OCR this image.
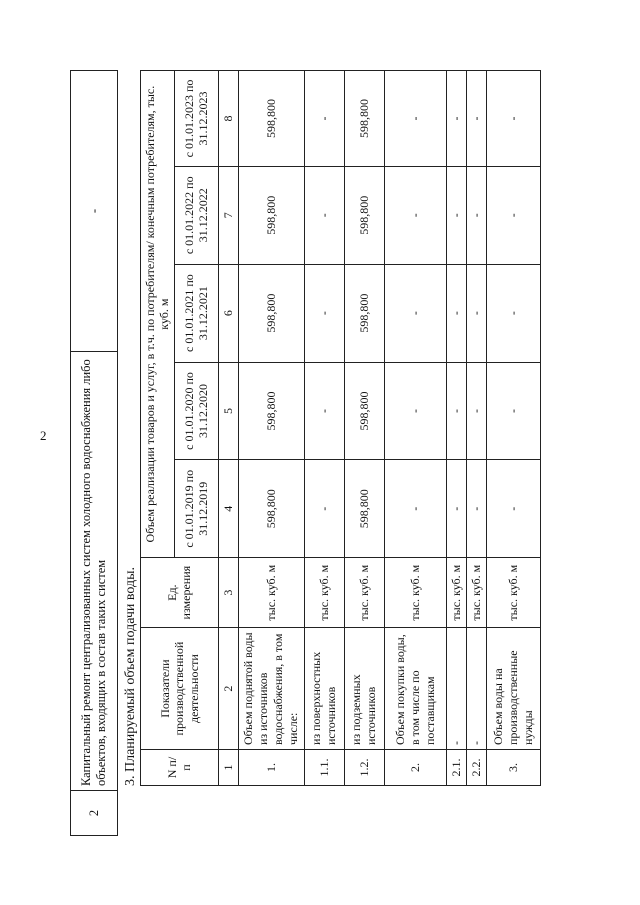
2
2	Капитальный ремонт централизованных систем холодного водоснабжения либо объектов, входящих в состав таких систем	-
3. Планируемый объем подачи воды. N п/п	Показатели производственной деятельности	Ед. измерения	Объем реализации товаров и услуг, в т.ч. по потребителям/ конечным потребителям, тыс. куб. м				
			с 01.01.2019 по 31.12.2019	с 01.01.2020 по 31.12.2020	с 01.01.2021 по 31.12.2021	с 01.01.2022 по 31.12.2022	с 01.01.2023 по 31.12.2023
1	2	3	4	5	6	7	8
1.	Объем поднятой воды из источников водоснабжения, в том числе:	тыс. куб. м	598,800	598,800	598,800	598,800	598,800
1.1.	из поверхностных источников	тыс. куб. м	-	-	-	-	-
1.2.	из подземных источников	тыс. куб. м	598,800	598,800	598,800	598,800	598,800
2.	Объем покупки воды, в том числе по поставщикам	тыс. куб. м	-	-	-	-	-
2.1.	-	тыс. куб. м	-	-	-	-	-
2.2.	-	тыс. куб. м	-	-	-	-	-
3.	Объем воды на производственные нужды	тыс. куб. м	-	-	-	-	-
